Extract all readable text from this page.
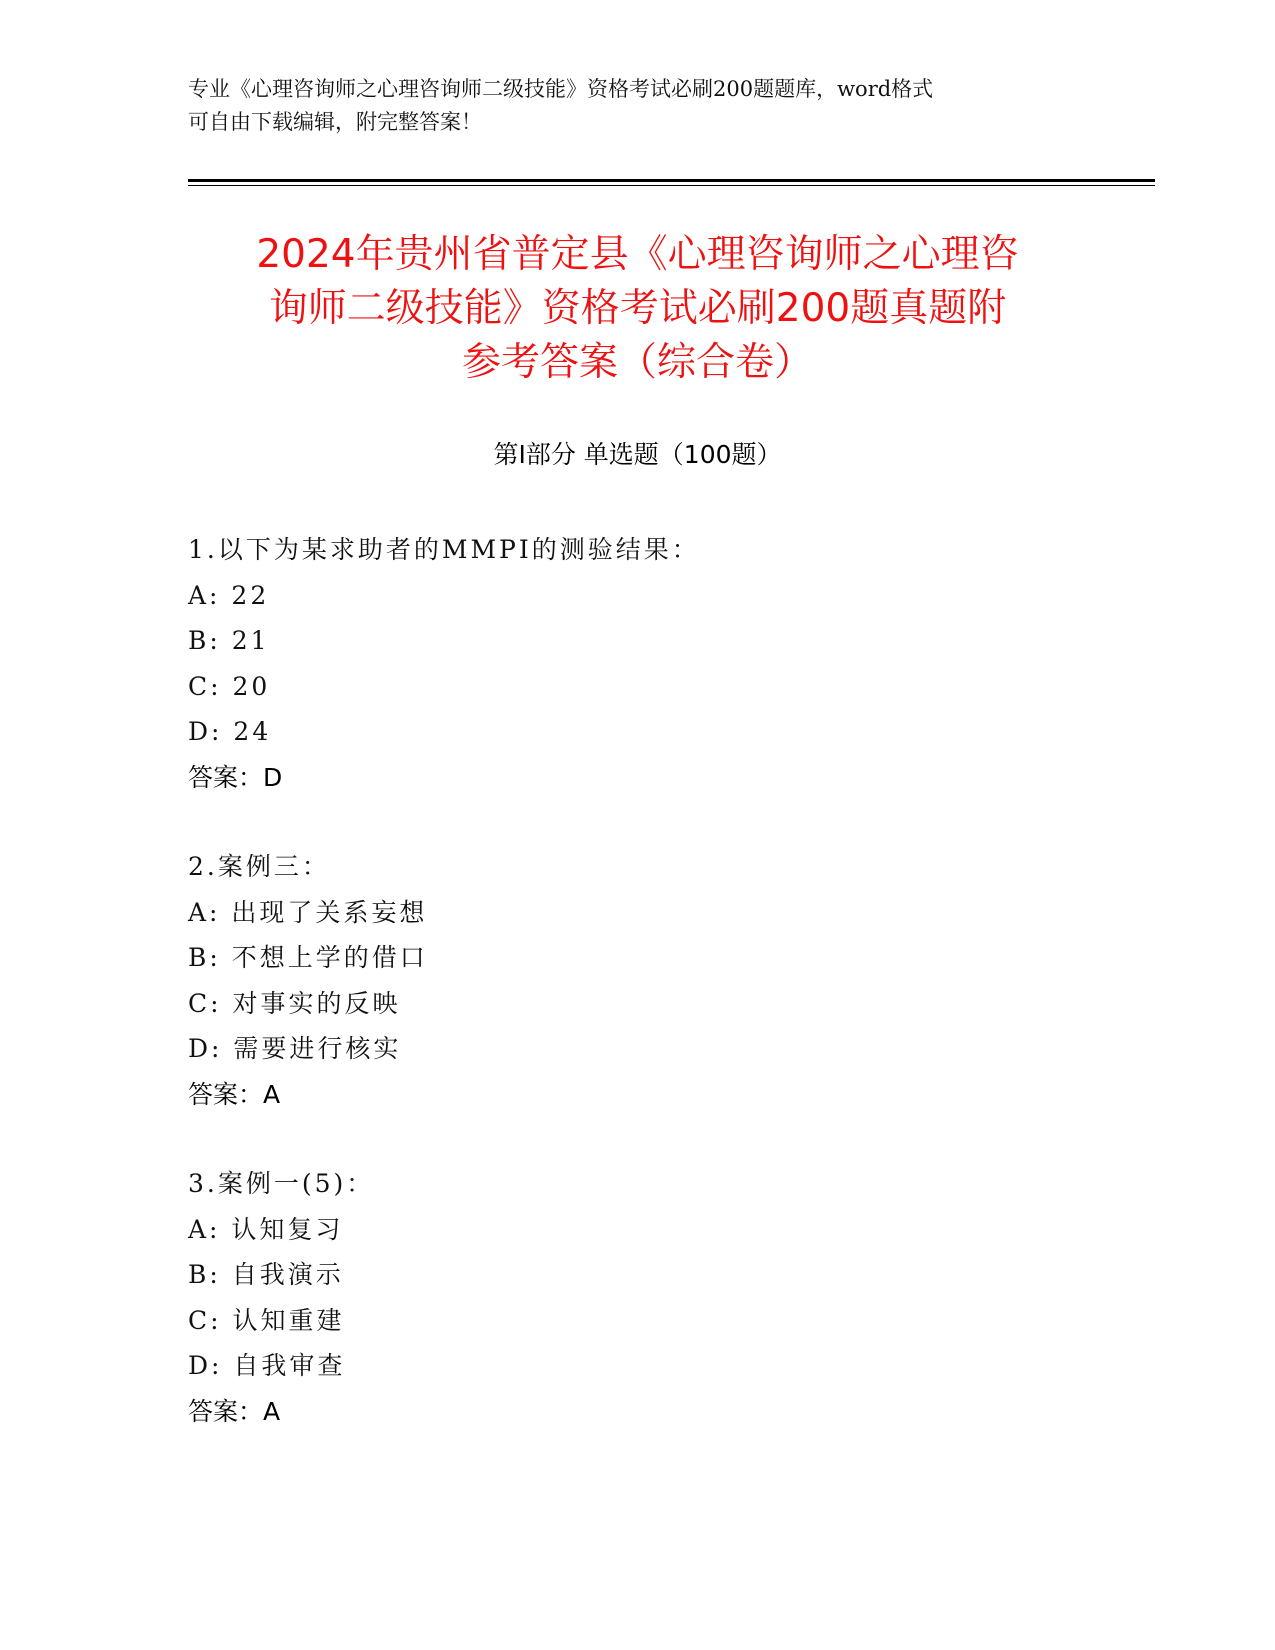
专业《心理咨询师之心理咨询师二级技能》资格考试必刷200题题库，word格式
可自由下载编辑，附完整答案！
2024年贵州省普定县《心理咨询师之心理咨
询师二级技能》资格考试必刷200题真题附
参考答案（综合卷）
第Ⅰ部分 单选题（100题）
1.以下为某求助者的MMPI的测验结果：
A: 22
B: 21
C: 20
D: 24
答案：D
2.案例三：
A: 出现了关系妄想
B: 不想上学的借口
C: 对事实的反映
D: 需要进行核实
答案：A
3.案例一(5)：
A: 认知复习
B: 自我演示
C: 认知重建
D: 自我审查
答案：A
